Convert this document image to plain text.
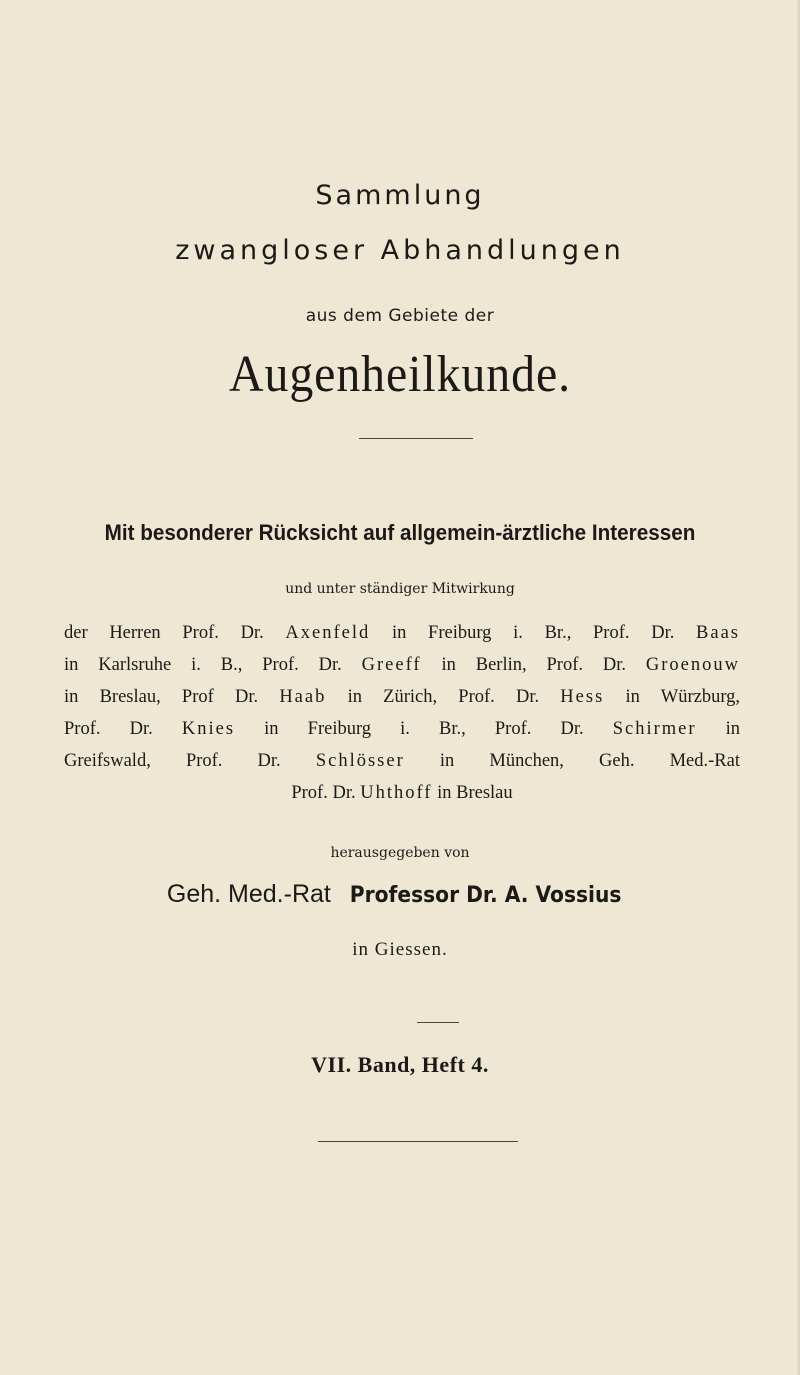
Sammlung
zwangloser Abhandlungen
aus dem Gebiete der
Augenheilkunde.
Mit besonderer Rücksicht auf allgemein-ärztliche Interessen
und unter ständiger Mitwirkung

der Herren Prof. Dr. Axenfeld in Freiburg i. Br., Prof. Dr. Baas

in Karlsruhe i. B., Prof. Dr. Greeff in Berlin, Prof. Dr. Groenouw

in Breslau, Prof Dr. Haab in Zürich, Prof. Dr. Hess in Würzburg,

Prof. Dr. Knies in Freiburg i. Br., Prof. Dr. Schirmer in

Greifswald, Prof. Dr. Schlösser in München, Geh. Med.-Rat

Prof. Dr. Uhthoff in Breslau

herausgegeben von
Geh. Med.-Rat Professor Dr. A. Vossius
in Giessen.
VII. Band, Heft 4.
